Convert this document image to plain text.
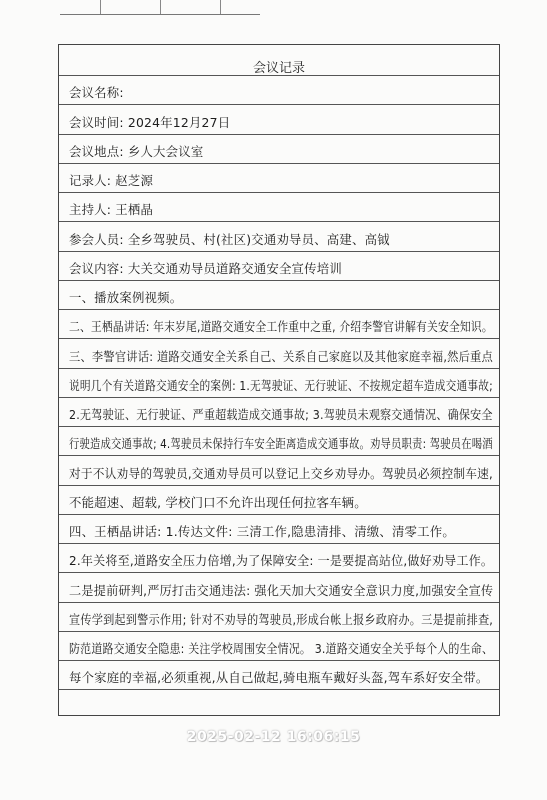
会议记录
会议名称:
会议时间: 2024年12月27日
会议地点: 乡人大会议室
记录人: 赵芝源
主持人: 王栖晶
参会人员: 全乡驾驶员、村(社区)交通劝导员、高建、高钺
会议内容: 大关交通劝导员道路交通安全宣传培训
一、播放案例视频。
二、王栖晶讲话: 年末岁尾,道路交通安全工作重中之重, 介绍李警官讲解有关安全知识。
三、李警官讲话: 道路交通安全关系自己、关系自己家庭以及其他家庭幸福,然后重点
说明几个有关道路交通安全的案例: 1.无驾驶证、无行驶证、不按规定超车造成交通事故;
2.无驾驶证、无行驶证、严重超载造成交通事故; 3.驾驶员未观察交通情况、确保安全
行驶造成交通事故; 4.驾驶员未保持行车安全距离造成交通事故。劝导员职责: 驾驶员在喝酒
对于不认劝导的驾驶员,交通劝导员可以登记上交乡劝导办。驾驶员必须控制车速,
不能超速、超载, 学校门口不允许出现任何拉客车辆。
四、王栖晶讲话: 1.传达文件: 三清工作,隐患清排、清缴、清零工作。
2.年关将至,道路安全压力倍增,为了保障安全: 一是要提高站位,做好劝导工作。
二是提前研判,严厉打击交通违法: 强化天加大交通安全意识力度,加强安全宣传
宣传学到起到警示作用; 针对不劝导的驾驶员,形成台帐上报乡政府办。三是提前排查,
防范道路交通安全隐患: 关注学校周围安全情况。 3.道路交通安全关乎每个人的生命、
每个家庭的幸福,必须重视,从自己做起,骑电瓶车戴好头盔,驾车系好安全带。
2025-02-12 16:06:15
